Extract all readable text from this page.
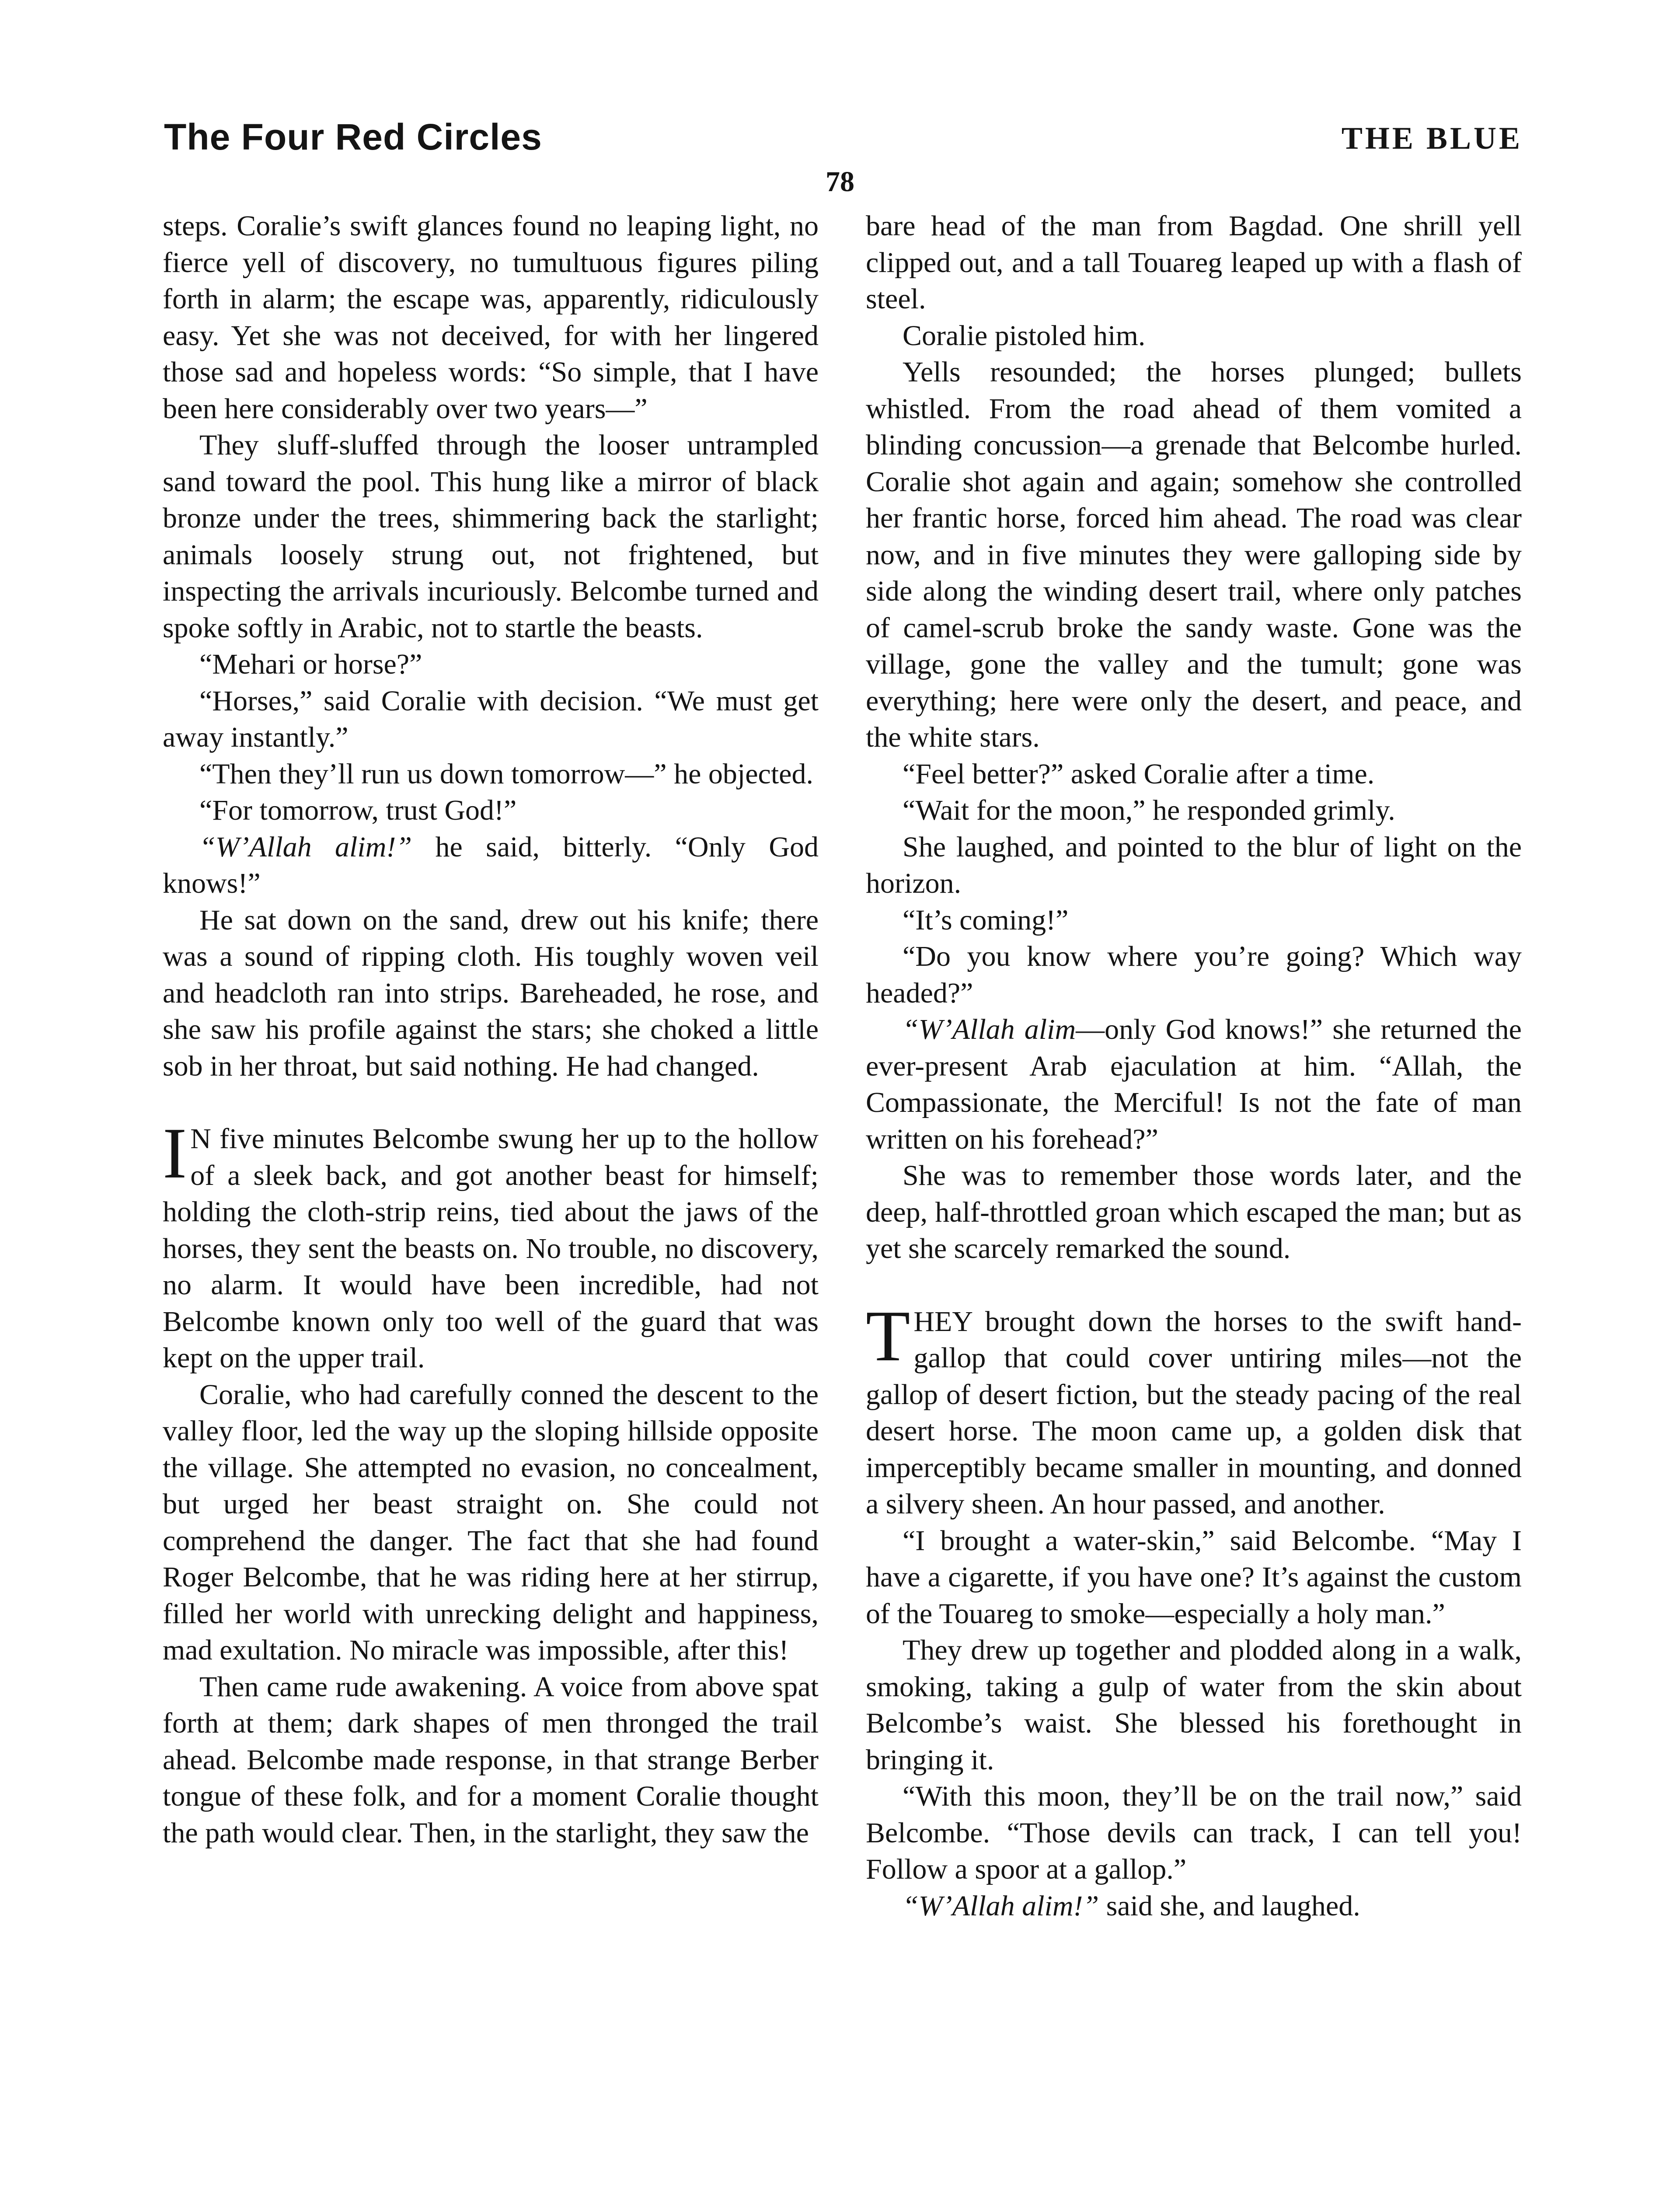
The Four Red Circles	THE BLUE
78

steps. Coralie’s swift glances found no leaping light, no fierce yell of discovery, no tumultuous figures piling forth in alarm; the escape was, apparently, ridiculously easy. Yet she was not deceived, for with her lingered those sad and hopeless words: “So simple, that I have been here considerably over two years—”

They sluff-sluffed through the looser untrampled sand toward the pool. This hung like a mirror of black bronze under the trees, shimmering back the starlight; animals loosely strung out, not frightened, but inspecting the arrivals incuriously. Belcombe turned and spoke softly in Arabic, not to startle the beasts.

“Mehari or horse?”

“Horses,” said Coralie with decision. “We must get away instantly.”

“Then they’ll run us down tomorrow—” he objected.

“For tomorrow, trust God!”

“W’Allah alim!” he said, bitterly. “Only God knows!”

He sat down on the sand, drew out his knife; there was a sound of ripping cloth. His toughly woven veil and headcloth ran into strips. Bareheaded, he rose, and she saw his profile against the stars; she choked a little sob in her throat, but said nothing. He had changed.

I N five minutes Belcombe swung her up to the hollow of a sleek back, and got another beast for himself; holding the cloth-strip reins, tied about the jaws of the horses, they sent the beasts on. No trouble, no discovery, no alarm. It would have been incredible, had not Belcombe known only too well of the guard that was kept on the upper trail.

Coralie, who had carefully conned the descent to the valley floor, led the way up the sloping hillside opposite the village. She attempted no evasion, no concealment, but urged her beast straight on. She could not comprehend the danger. The fact that she had found Roger Belcombe, that he was riding here at her stirrup, filled her world with unrecking delight and happiness, mad exultation. No miracle was impossible, after this!

Then came rude awakening. A voice from above spat forth at them; dark shapes of men thronged the trail ahead. Belcombe made response, in that strange Berber tongue of these folk, and for a moment Coralie thought the path would clear. Then, in the starlight, they saw the

bare head of the man from Bagdad. One shrill yell clipped out, and a tall Touareg leaped up with a flash of steel.

Coralie pistoled him.

Yells resounded; the horses plunged; bullets whistled. From the road ahead of them vomited a blinding concussion—a grenade that Belcombe hurled. Coralie shot again and again; somehow she controlled her frantic horse, forced him ahead. The road was clear now, and in five minutes they were galloping side by side along the winding desert trail, where only patches of camel-scrub broke the sandy waste. Gone was the village, gone the valley and the tumult; gone was everything; here were only the desert, and peace, and the white stars.

“Feel better?” asked Coralie after a time.

“Wait for the moon,” he responded grimly.

She laughed, and pointed to the blur of light on the horizon.

“It’s coming!”

“Do you know where you’re going? Which way headed?”

“W’Allah alim—only God knows!” she returned the ever-present Arab ejaculation at him. “Allah, the Compassionate, the Merciful! Is not the fate of man written on his forehead?”

She was to remember those words later, and the deep, half-throttled groan which escaped the man; but as yet she scarcely remarked the sound.

THEY brought down the horses to the swift hand-gallop that could cover untiring miles—not the gallop of desert fiction, but the steady pacing of the real desert horse. The moon came up, a golden disk that imperceptibly became smaller in mounting, and donned a silvery sheen. An hour passed, and another.

“I brought a water-skin,” said Belcombe. “May I have a cigarette, if you have one? It’s against the custom of the Touareg to smoke—especially a holy man.”

They drew up together and plodded along in a walk, smoking, taking a gulp of water from the skin about Belcombe’s waist. She blessed his forethought in bringing it.

“With this moon, they’ll be on the trail now,” said Belcombe. “Those devils can track, I can tell you! Follow a spoor at a gallop.”

“W’Allah alim!” said she, and laughed.
